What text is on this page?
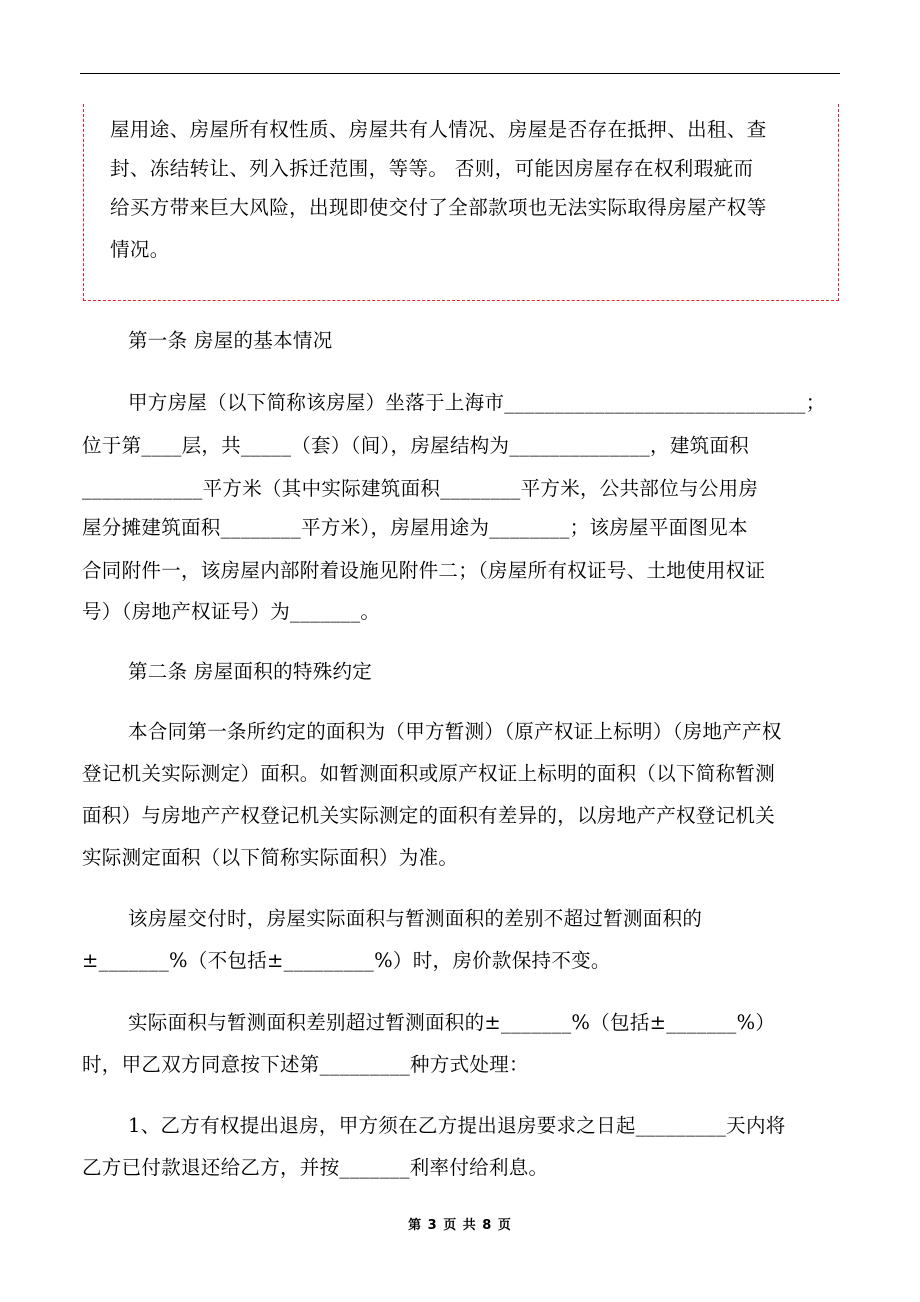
屋用途、房屋所有权性质、房屋共有人情况、房屋是否存在抵押、出租、查
封、冻结转让、列入拆迁范围，等等。 否则，可能因房屋存在权利瑕疵而
给买方带来巨大风险，出现即使交付了全部款项也无法实际取得房屋产权等
情况。
第一条 房屋的基本情况
甲方房屋（以下简称该房屋）坐落于上海市______________________________；
位于第____层，共_____（套）（间），房屋结构为______________，建筑面积
____________平方米（其中实际建筑面积________平方米，公共部位与公用房
屋分摊建筑面积________平方米），房屋用途为________；该房屋平面图见本
合同附件一，该房屋内部附着设施见附件二；（房屋所有权证号、土地使用权证
号）（房地产权证号）为_______。
第二条 房屋面积的特殊约定
本合同第一条所约定的面积为（甲方暂测）（原产权证上标明）（房地产产权
登记机关实际测定）面积。如暂测面积或原产权证上标明的面积（以下简称暂测
面积）与房地产产权登记机关实际测定的面积有差异的，以房地产产权登记机关
实际测定面积（以下简称实际面积）为准。
该房屋交付时，房屋实际面积与暂测面积的差别不超过暂测面积的
±_______%（不包括±_________%）时，房价款保持不变。
实际面积与暂测面积差别超过暂测面积的±_______%（包括±_______%）
时，甲乙双方同意按下述第_________种方式处理：
1、乙方有权提出退房，甲方须在乙方提出退房要求之日起_________天内将
乙方已付款退还给乙方，并按_______利率付给利息。
第 3 页 共 8 页
